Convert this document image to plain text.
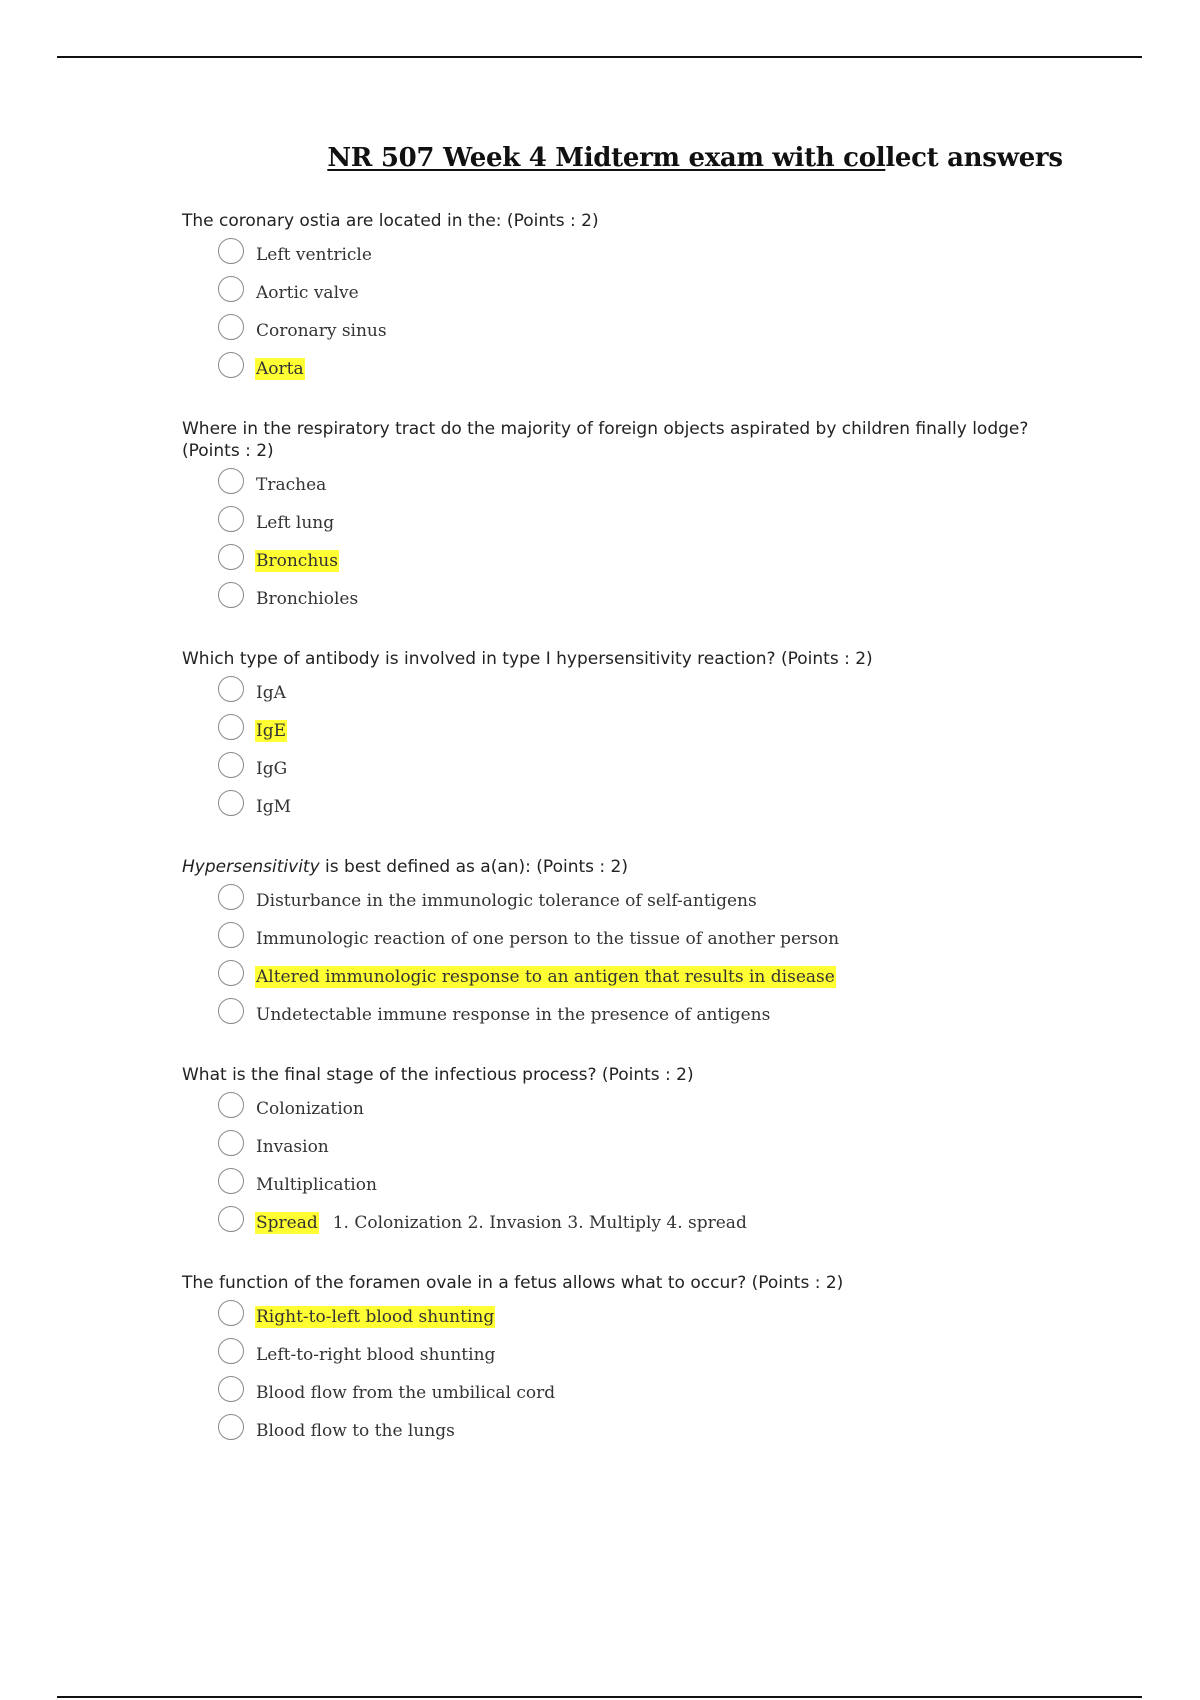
NR 507 Week 4 Midterm exam with collect answers

The coronary ostia are located in the: (Points : 2)

Left ventricle
Aortic valve
Coronary sinus
Aorta

Where in the respiratory tract do the majority of foreign objects aspirated by children finally lodge? (Points : 2)

Trachea
Left lung
Bronchus
Bronchioles

Which type of antibody is involved in type I hypersensitivity reaction? (Points : 2)

IgA
IgE
IgG
IgM

Hypersensitivity is best defined as a(an): (Points : 2)

Disturbance in the immunologic tolerance of self-antigens
Immunologic reaction of one person to the tissue of another person
Altered immunologic response to an antigen that results in disease
Undetectable immune response in the presence of antigens

What is the final stage of the infectious process? (Points : 2)

Colonization
Invasion
Multiplication
Spread 1. Colonization 2. Invasion 3. Multiply 4. spread

The function of the foramen ovale in a fetus allows what to occur? (Points : 2)

Right-to-left blood shunting
Left-to-right blood shunting
Blood flow from the umbilical cord
Blood flow to the lungs
